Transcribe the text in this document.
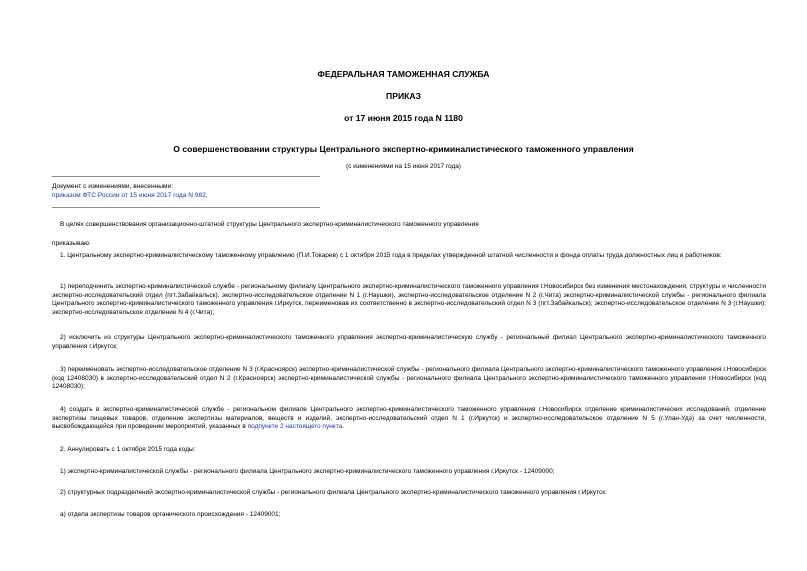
ФЕДЕРАЛЬНАЯ ТАМОЖЕННАЯ СЛУЖБА
ПРИКАЗ
от 17 июня 2015 года N 1180
О совершенствовании структуры Центрального экспертно-криминалистического таможенного управления
(с изменениями на 15 июня 2017 года)
Документ с изменениями, внесенными:
приказом ФТС России от 15 июня 2017 года N 982.
В целях совершенствования организационно-штатной структуры Центрального экспертно-криминалистического таможенного управления
приказываю:
1. Центральному экспертно-криминалистическому таможенному управлению (П.И.Токарев) с 1 октября 2015 года в пределах утвержденной штатной численности и фонда оплаты труда должностных лиц и работников:
1) переподчинить экспертно-криминалистической службе - региональному филиалу Центрального экспертно-криминалистического таможенного управления г.Новосибирск без изменения местонахождения, структуры и численности экспертно-исследовательский отдел (пгт.Забайкальск), экспертно-исследовательское отделение N 1 (г.Наушки), экспертно-исследовательское отделение N 2 (г.Чита) экспертно-криминалистической службы - регионального филиала Центрального экспертно-криминалистического таможенного управления г.Иркутск, переименовав их соответственно в экспертно-исследовательский отдел N 3 (пгт.Забайкальск); экспертно-исследовательское отделение N 3 (г.Наушки); экспертно-исследовательское отделение N 4 (г.Чита);
2) исключить из структуры Центрального экспертно-криминалистического таможенного управления экспертно-криминалистическую службу - региональный филиал Центрального экспертно-криминалистического таможенного управления г.Иркутск;
3) переименовать экспертно-исследовательское отделение N 3 (г.Красноярск) экспертно-криминалистической службы - регионального филиала Центрального экспертно-криминалистического таможенного управления г.Новосибирск (код 12408030) в экспертно-исследовательский отдел N 2 (г.Красноярск) экспертно-криминалистической службы - регионального филиала Центрального экспертно-криминалистического таможенного управления г.Новосибирск (код 12408030);
4) создать в экспертно-криминалистической службе - региональном филиале Центрального экспертно-криминалистического таможенного управления г.Новосибирск отделение криминалистических исследований, отделение экспертизы пищевых товаров, отделение экспертизы материалов, веществ и изделий, экспертно-исследовательский отдел N 1 (г.Иркутск) и экспертно-исследовательское отделение N 5 (г.Улан-Удэ) за счет численности, высвобождающейся при проведении мероприятий, указанных в подпункте 2 настоящего пункта.
2. Аннулировать с 1 октября 2015 года коды:
1) экспертно-криминалистической службы - регионального филиала Центрального экспертно-криминалистического таможенного управления г.Иркутск - 12409000;
2) структурных подразделений экспертно-криминалистической службы - регионального филиала Центрального экспертно-криминалистического таможенного управления г.Иркутск:
а) отдела экспертизы товаров органического происхождения - 12409001;
